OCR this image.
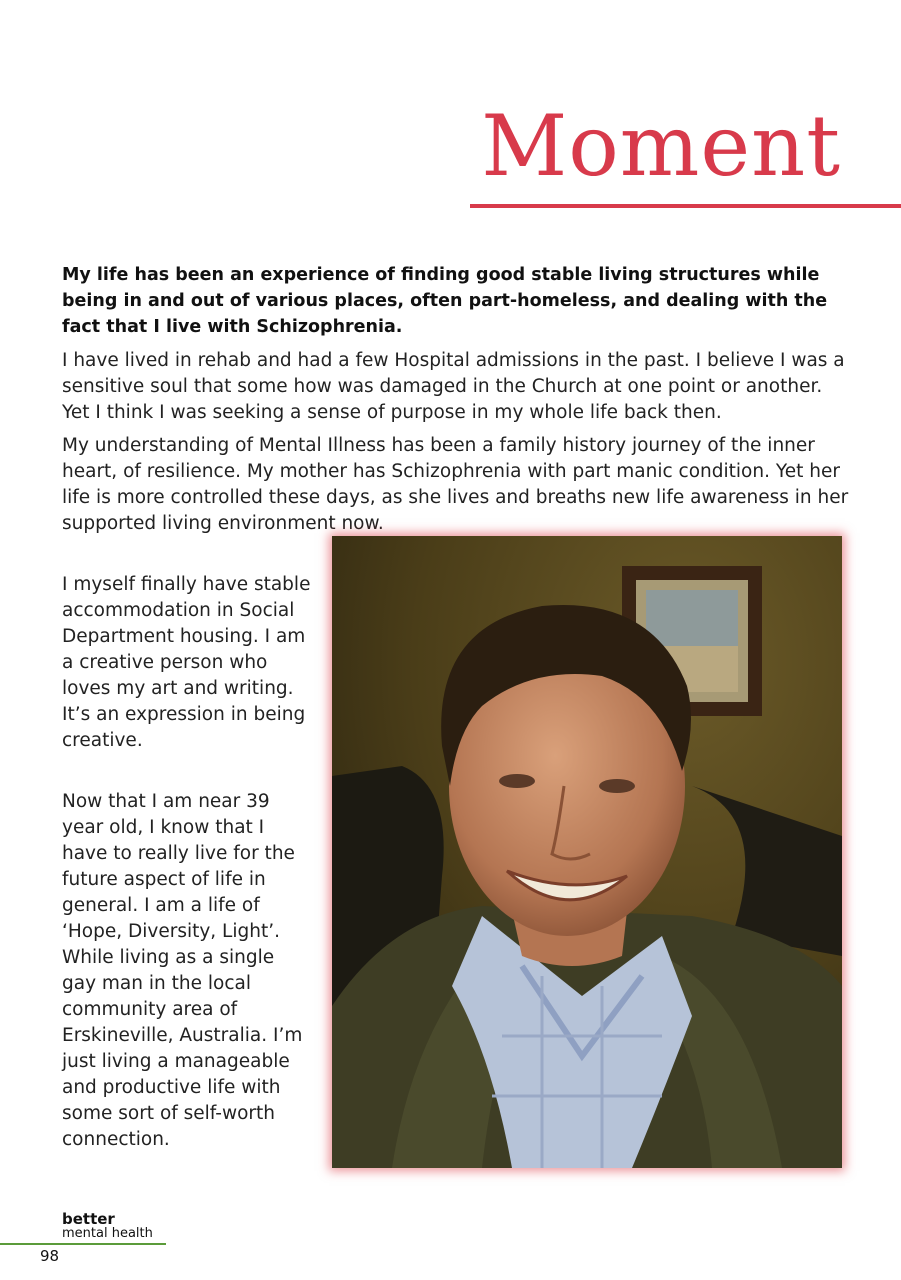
Moment

My life has been an experience of finding good stable living structures while being in and out of various places, often part-homeless, and dealing with the fact that I live with Schizophrenia.

I have lived in rehab and had a few Hospital admissions in the past. I believe I was a sensitive soul that some how was damaged in the Church at one point or another. Yet I think I was seeking a sense of purpose in my whole life back then.

My understanding of Mental Illness has been a family history journey of the inner heart, of resilience. My mother has Schizophrenia with part manic condition. Yet her life is more controlled these days, as she lives and breaths new life awareness in her supported living environment now.

I myself finally have stable accommodation in Social Department housing. I am a creative person who loves my art and writing. It’s an expression in being creative.

Now that I am near 39 year old, I know that I have to really live for the future aspect of life in general. I am a life of ‘Hope, Diversity, Light’. While living as a single gay man in the local community area of Erskineville, Australia. I’m just living a manageable and productive life with some sort of self-worth connection.

better
mental health
98
